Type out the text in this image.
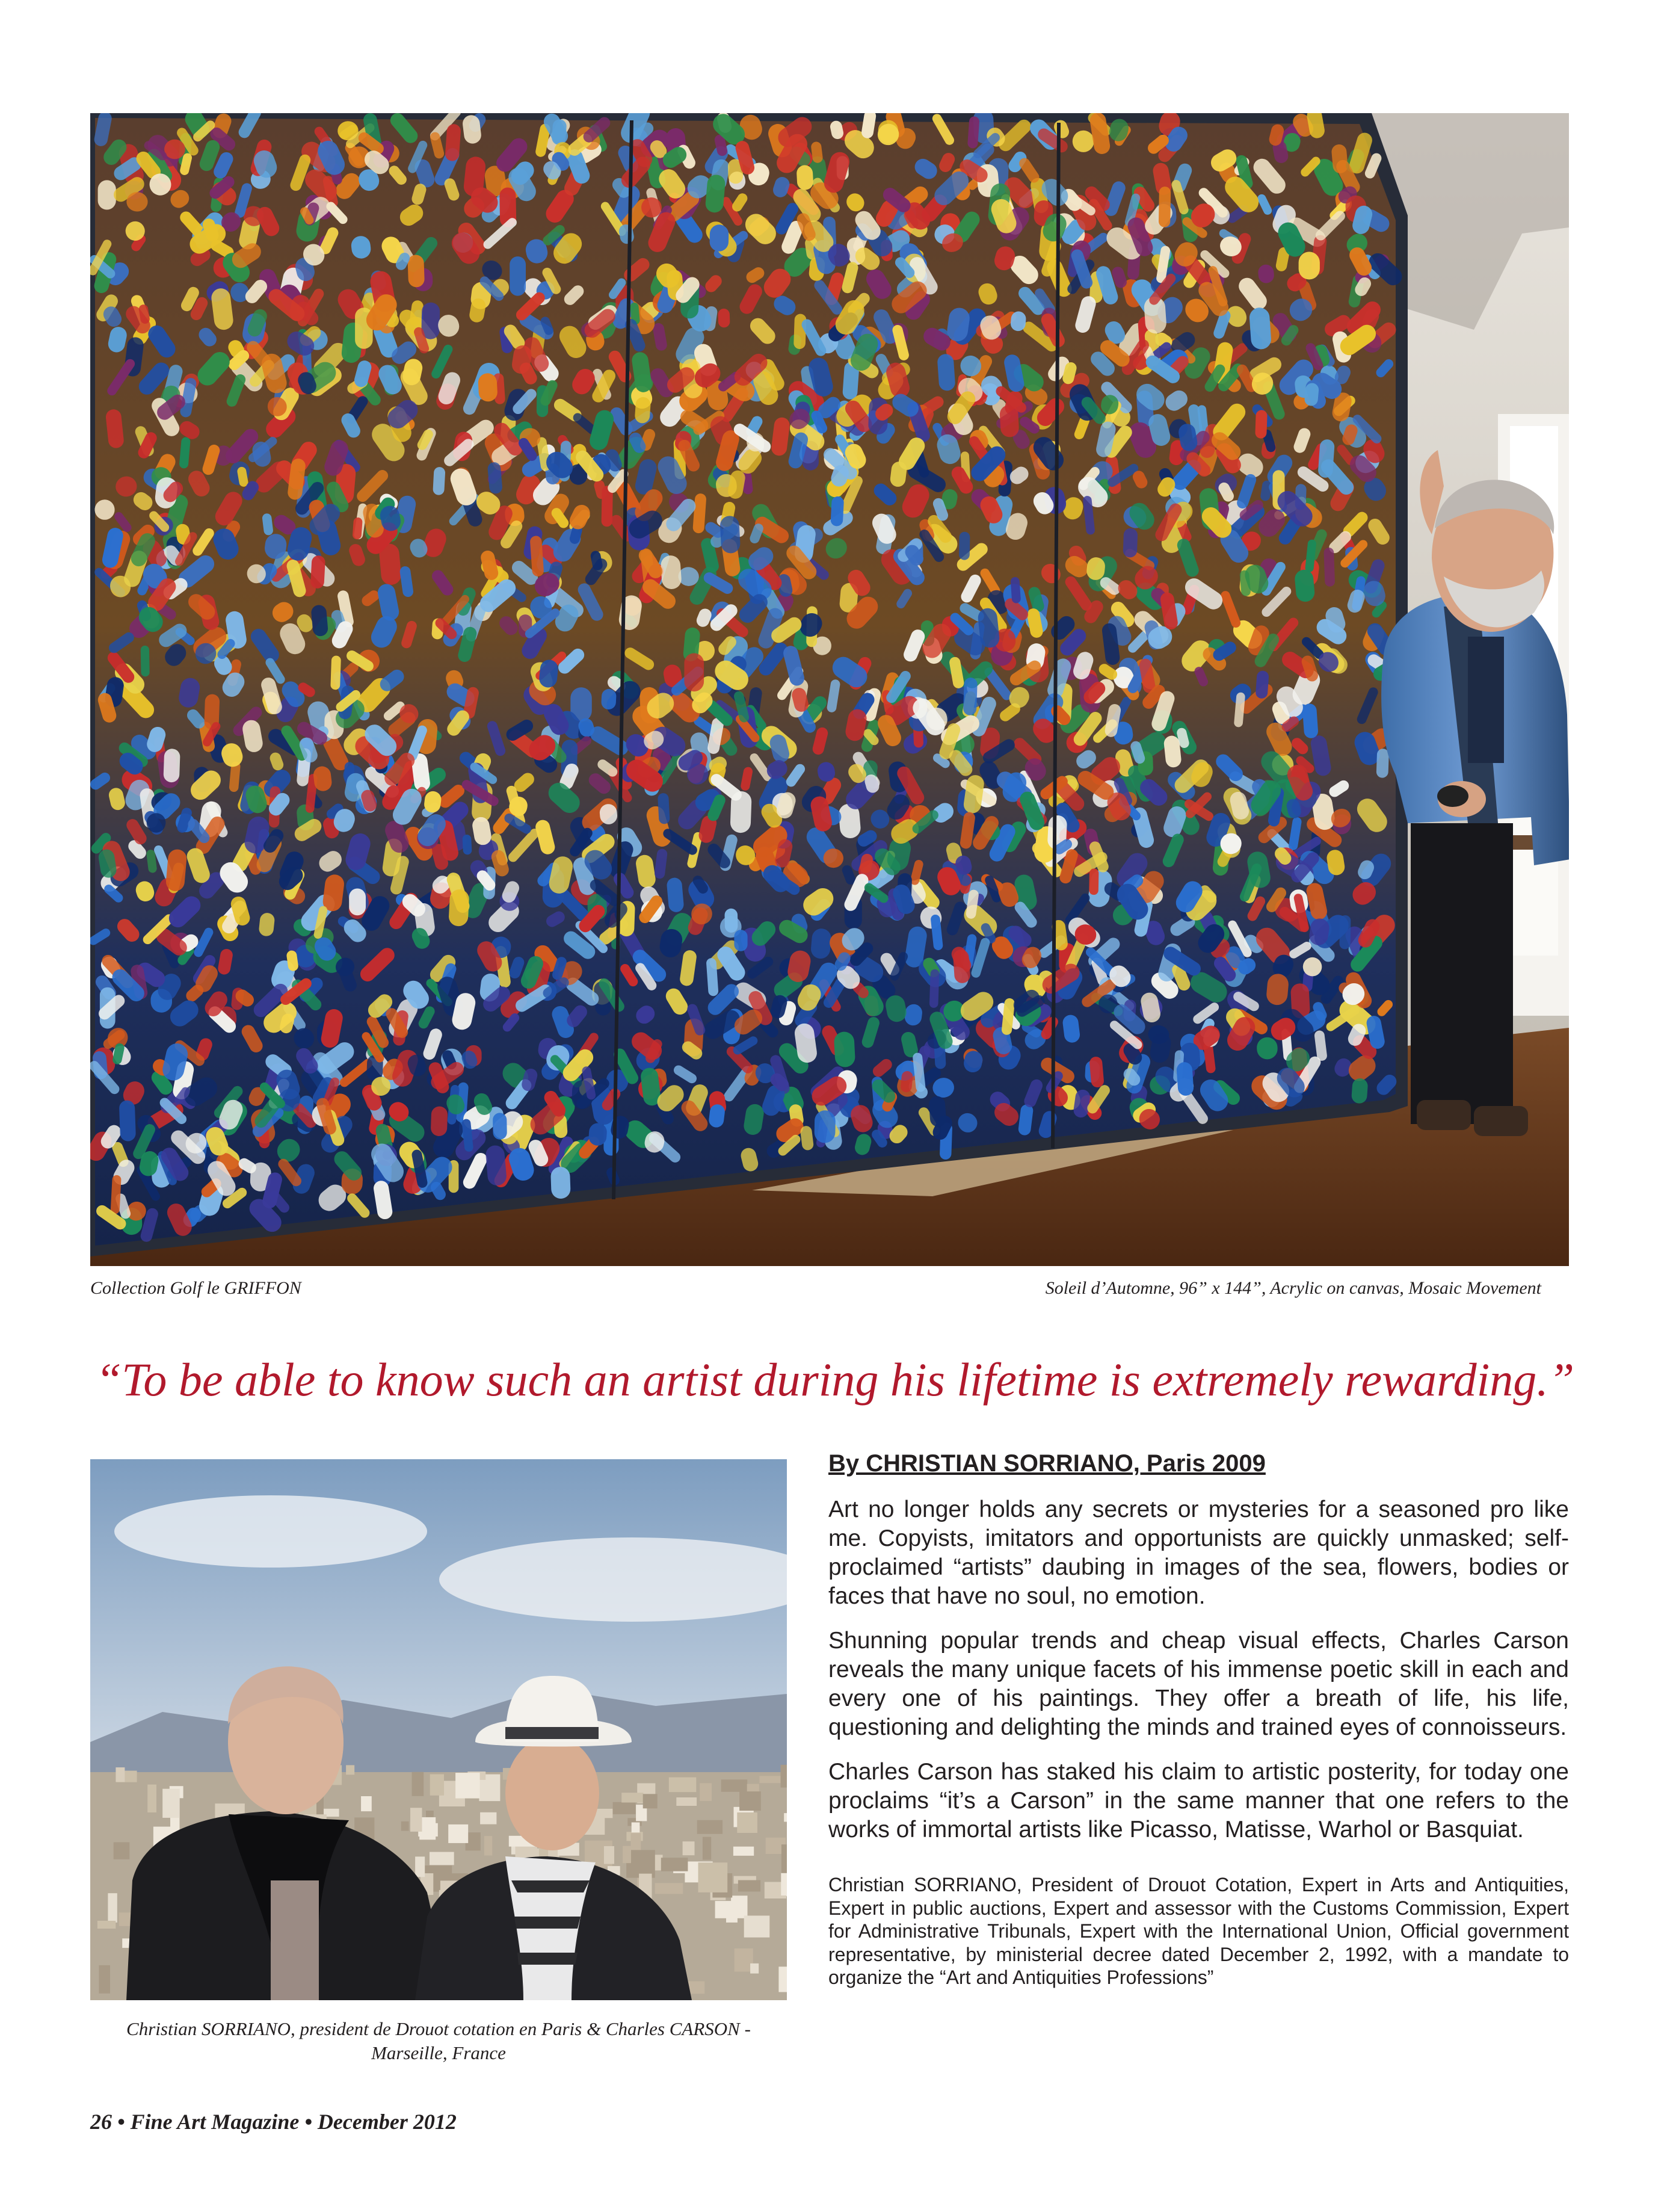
Collection Golf le GRIFFON	Soleil d’Automne, 96” x 144”, Acrylic on canvas, Mosaic Movement
“To be able to know such an artist during his lifetime is extremely rewarding.”
Christian SORRIANO, president de Drouot cotation en Paris & Charles CARSON - Marseille, France
By CHRISTIAN SORRIANO, Paris 2009

Art no longer holds any secrets or mysteries for a seasoned pro like me. Copyists, imitators and opportunists are quickly unmasked; self-proclaimed “artists” daubing in images of the sea, flowers, bodies or faces that have no soul, no emotion.

Shunning popular trends and cheap visual effects, Charles Carson reveals the many unique facets of his immense poetic skill in each and every one of his paintings. They offer a breath of life, his life, questioning and delighting the minds and trained eyes of connoisseurs.

Charles Carson has staked his claim to artistic posterity, for today one proclaims “it’s a Carson” in the same manner that one refers to the works of immortal artists like Picasso, Matisse, Warhol or Basquiat.

Christian SORRIANO, President of Drouot Cotation, Expert in Arts and Antiquities, Expert in public auctions, Expert and assessor with the Customs Commission, Expert for Administrative Tribunals, Expert with the International Union, Official government representative, by ministerial decree dated December 2, 1992, with a mandate to organize the “Art and Antiquities Professions”

26 • Fine Art Magazine • December 2012
